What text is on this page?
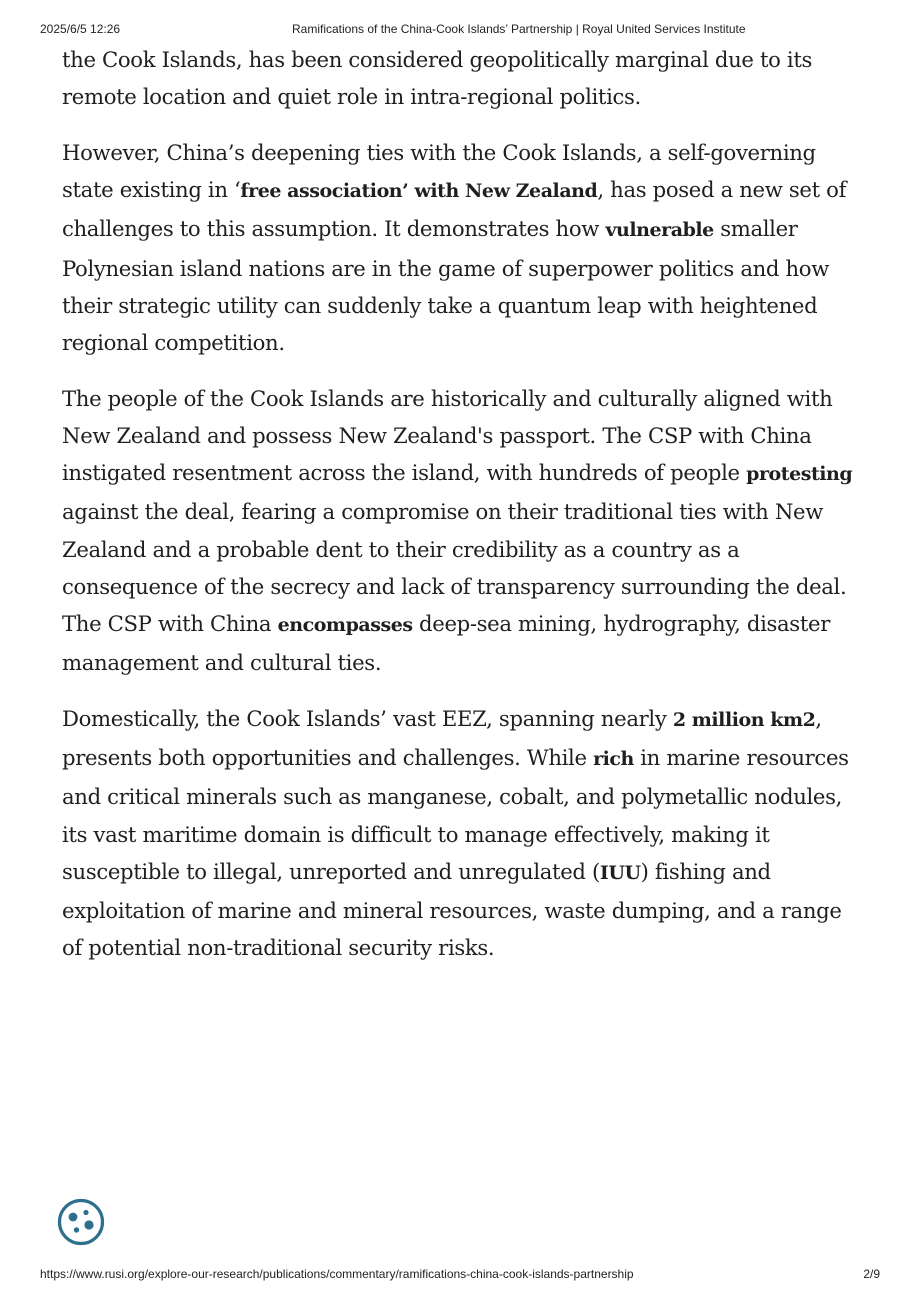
2025/6/5 12:26	Ramifications of the China-Cook Islands’ Partnership | Royal United Services Institute

the Cook Islands, has been considered geopolitically marginal due to its remote location and quiet role in intra-regional politics.

However, China’s deepening ties with the Cook Islands, a self-governing state existing in ‘free association’ with New Zealand, has posed a new set of challenges to this assumption. It demonstrates how vulnerable smaller Polynesian island nations are in the game of superpower politics and how their strategic utility can suddenly take a quantum leap with heightened regional competition.

The people of the Cook Islands are historically and culturally aligned with New Zealand and possess New Zealand's passport. The CSP with China instigated resentment across the island, with hundreds of people protesting against the deal, fearing a compromise on their traditional ties with New Zealand and a probable dent to their credibility as a country as a consequence of the secrecy and lack of transparency surrounding the deal. The CSP with China encompasses deep-sea mining, hydrography, disaster management and cultural ties.

Domestically, the Cook Islands’ vast EEZ, spanning nearly 2 million km2, presents both opportunities and challenges. While rich in marine resources and critical minerals such as manganese, cobalt, and polymetallic nodules, its vast maritime domain is difficult to manage effectively, making it susceptible to illegal, unreported and unregulated (IUU) fishing and exploitation of marine and mineral resources, waste dumping, and a range of potential non-traditional security risks.

https://www.rusi.org/explore-our-research/publications/commentary/ramifications-china-cook-islands-partnership	2/9
